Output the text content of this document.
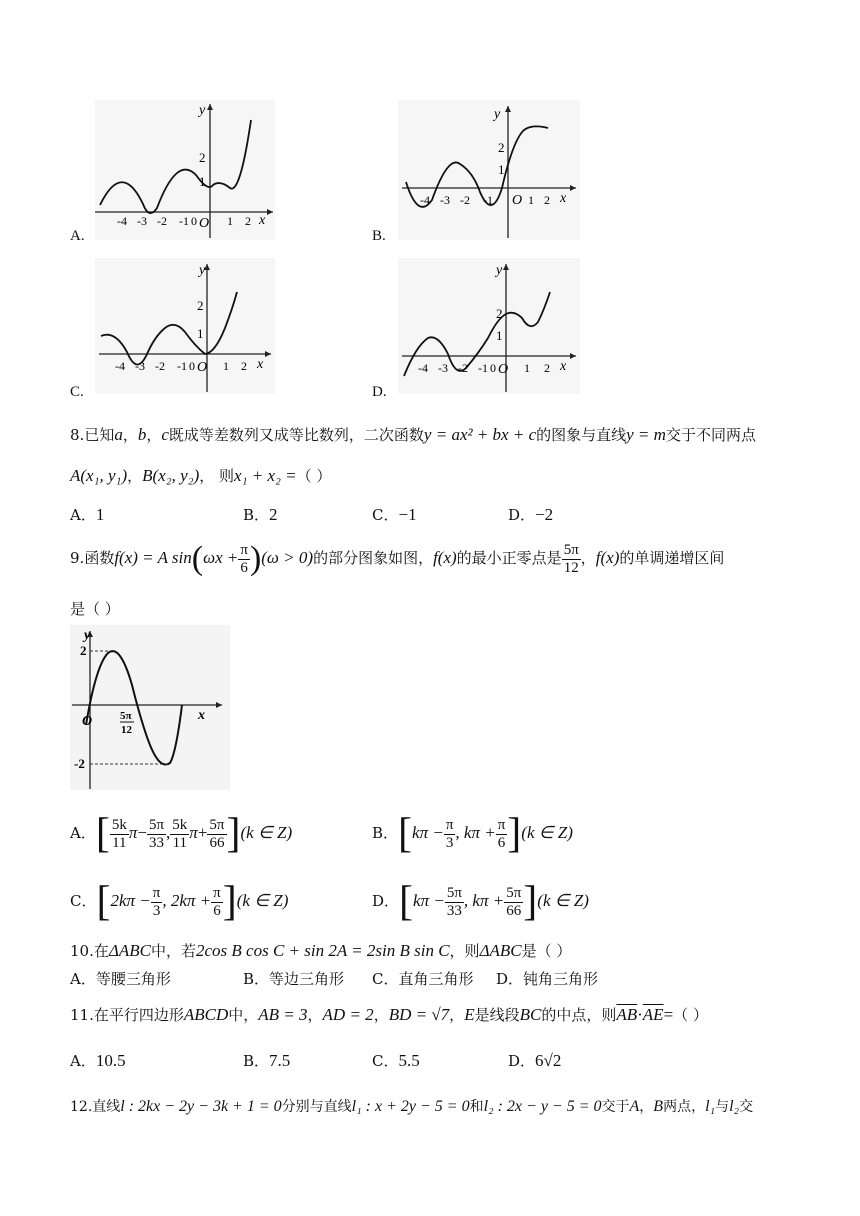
A.
y
2
1
-4 -3 -2 -1 0 O 1 2 x
B.
y
2
1
-4 -3 -2 -1 O 1 2 x
C.
y
2
1
-4 -3 -2 -1 0 O 1 2 x
D.
y
2
1
-4 -3 -2 -1 0 O 1 2 x
8.已知a，b，c既成等差数列又成等比数列，二次函数y = ax² + bx + c的图象与直线y = m交于不同两点
A(x₁, y₁)，B(x₂, y₂)， 则x₁ + x₂ =（ ）
A．1	B．2	C．−1	D．−2
9.函数f(x) = A $\sin(\omega x + \frac{\pi}{6} )(\omega > 0)$的部分图象如图，f(x)的最小正零点是 $\frac{5\pi}{12}$ ，f(x)的单调递增区间
是（ ）
y
2
-2
O	5π
12
x
A．[ $\frac{5k}{11} \pi- \frac{5\pi}{33}$ , $\frac{5k}{11} \pi+ \frac{5\pi}{66} ](k$ ∈ Z)	B．[$k\pi - \frac{\pi}{3}$ , $k\pi + \frac{\pi}{6} ](k$ ∈ Z)
C．[$2k\pi - \frac{\pi}{3}$ , $2k\pi + \frac{\pi}{6} ](k$ ∈ Z)	D．[$k\pi - \frac{5\pi}{33}$ , $k\pi + \frac{5\pi}{66} ](k$ ∈ Z)
10.在ΔABC中，若2cos B cos C + sin 2A = 2sin B sin C，则ΔABC是（ ）
A．等腰三角形	B．等边三角形 C．直角三角形 D．钝角三角形
11.在平行四边形ABCD中，AB = 3，AD = 2，BD = √7，E是线段BC的中点，则$\overline{AB}\cdot\overline{AE}=$（ ）
A．10.5	B．7.5	C．5.5	D．6√2
12.直线l : 2kx − 2y − 3k + 1 = 0分别与直线l₁ : x + 2y − 5 = 0和l₂ : 2x − y − 5 = 0交于A，B两点，l₁与l₂交
